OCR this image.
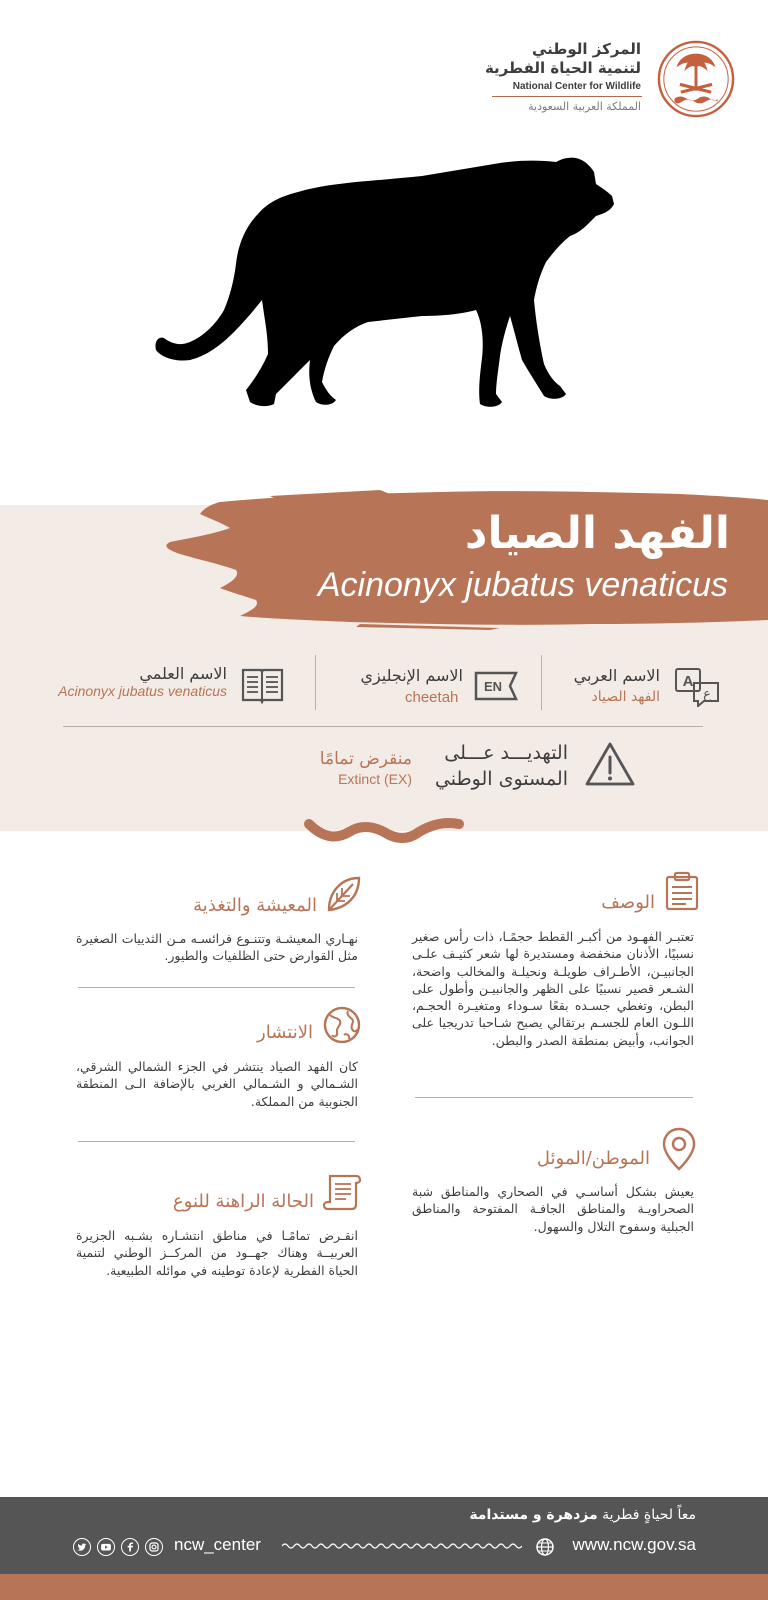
المركز الوطني
لتنمية الحياة الفطرية
National Center for Wildlife
المملكة العربية السعودية
الفهد الصياد
Acinonyx jubatus venaticus
A
ع
الاسم العربي
الفهد الصياد
EN
الاسم الإنجليزي
cheetah
الاسم العلمي
Acinonyx jubatus venaticus
التهديـــد عـــلى
المستوى الوطني
منقرض تمامًا
Extinct (EX)
الوصف
تعتبـر الفهـود من أكبـر القطط حجمًـا، ذات رأس صغير نسبيًا، الأذنان منخفضة ومستديرة لها شعر كثيـف علـى الجانبيـن، الأطـراف طويلـة ونحيلـة والمخالب واضحة، الشـعر قصير نسبيًا على الظهر والجانبيـن وأطول على البطن، وتغطي جسـده بقعًا سـوداء ومتغيـرة الحجـم، اللـون العام للجسـم برتقالي يصبح شـاحبا تدريجيا على الجوانب، وأبيض بمنطقة الصدر والبطن.
الموطن/الموئل
يعيش بشكل أساسـي في الصحاري والمناطق شبة الصحراويـة والمناطق الجافـة المفتوحة والمناطق الجبلية وسفوح التلال والسهول.
المعيشة والتغذية
نهـاري المعيشـة وتتنـوع فرائسـه مـن الثدييات الصغيرة مثل القوارض حتى الظلفيات والطيور.
الانتشار
كان الفهد الصياد ينتشر في الجزء الشمالي الشرقي، الشـمالي و الشـمالي الغربي بالإضافة الـى المنطقة الجنوبية من المملكة.
الحالة الراهنة للنوع
انقـرض تمامًـا في مناطق انتشـاره بشـبه الجزيرة العربيــة وهناك جهــود من المركــز الوطني لتنمية الحياة الفطرية لإعادة توطينه في موائله الطبيعية.
معاً لحياةٍ فطرية مزدهرة و مستدامة
www.ncw.gov.sa
ncw_center
